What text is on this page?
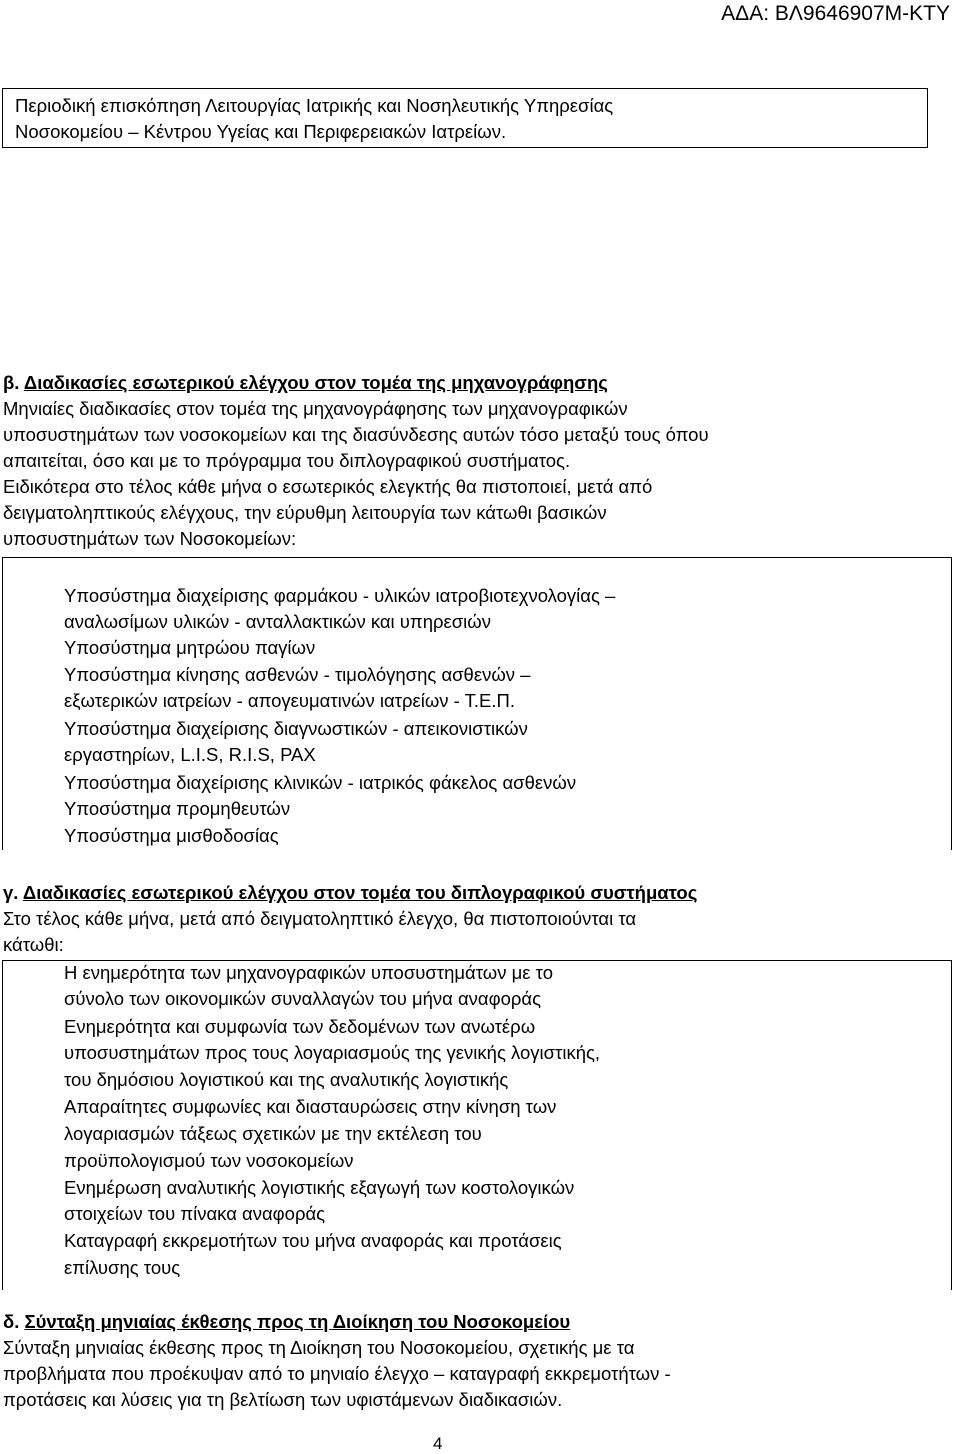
ΑΔΑ: ΒΛ9646907Μ-ΚΤΥ
Περιοδική επισκόπηση Λειτουργίας Ιατρικής και Νοσηλευτικής Υπηρεσίας
Νοσοκομείου – Κέντρου Υγείας και Περιφερειακών Ιατρείων.
β. Διαδικασίες εσωτερικού ελέγχου στον τομέα της μηχανογράφησης
Μηνιαίες διαδικασίες στον τομέα της μηχανογράφησης των μηχανογραφικών
υποσυστημάτων των νοσοκομείων και της διασύνδεσης αυτών τόσο μεταξύ τους όπου
απαιτείται, όσο και με το πρόγραμμα του διπλογραφικού συστήματος.
Ειδικότερα στο τέλος κάθε μήνα ο εσωτερικός ελεγκτής θα πιστοποιεί, μετά από
δειγματοληπτικούς ελέγχους, την εύρυθμη λειτουργία των κάτωθι βασικών
υποσυστημάτων των Νοσοκομείων:
Υποσύστημα διαχείρισης φαρμάκου - υλικών ιατροβιοτεχνολογίας –
αναλωσίμων υλικών - ανταλλακτικών και υπηρεσιών
Υποσύστημα μητρώου παγίων
Υποσύστημα κίνησης ασθενών - τιμολόγησης ασθενών –
εξωτερικών ιατρείων - απογευματινών ιατρείων - Τ.Ε.Π.
Υποσύστημα διαχείρισης διαγνωστικών - απεικονιστικών
εργαστηρίων, L.I.S, R.I.S, PAX
Υποσύστημα διαχείρισης κλινικών - ιατρικός φάκελος ασθενών
Υποσύστημα προμηθευτών
Υποσύστημα μισθοδοσίας
γ. Διαδικασίες εσωτερικού ελέγχου στον τομέα του διπλογραφικού συστήματος
Στο τέλος κάθε μήνα, μετά από δειγματοληπτικό έλεγχο, θα πιστοποιούνται τα
κάτωθι:
Η ενημερότητα των μηχανογραφικών υποσυστημάτων με το
σύνολο των οικονομικών συναλλαγών του μήνα αναφοράς
Ενημερότητα και συμφωνία των δεδομένων των ανωτέρω
υποσυστημάτων προς τους λογαριασμούς της γενικής λογιστικής,
του δημόσιου λογιστικού και της αναλυτικής λογιστικής
Απαραίτητες συμφωνίες και διασταυρώσεις στην κίνηση των
λογαριασμών τάξεως σχετικών με την εκτέλεση του
προϋπολογισμού των νοσοκομείων
Ενημέρωση αναλυτικής λογιστικής εξαγωγή των κοστολογικών
στοιχείων του πίνακα αναφοράς
Καταγραφή εκκρεμοτήτων του μήνα αναφοράς και προτάσεις
επίλυσης τους
δ. Σύνταξη μηνιαίας έκθεσης προς τη Διοίκηση του Νοσοκομείου
Σύνταξη μηνιαίας έκθεσης προς τη Διοίκηση του Νοσοκομείου, σχετικής με τα
προβλήματα που προέκυψαν από το μηνιαίο έλεγχο – καταγραφή εκκρεμοτήτων -
προτάσεις και λύσεις για τη βελτίωση των υφιστάμενων διαδικασιών.
4
